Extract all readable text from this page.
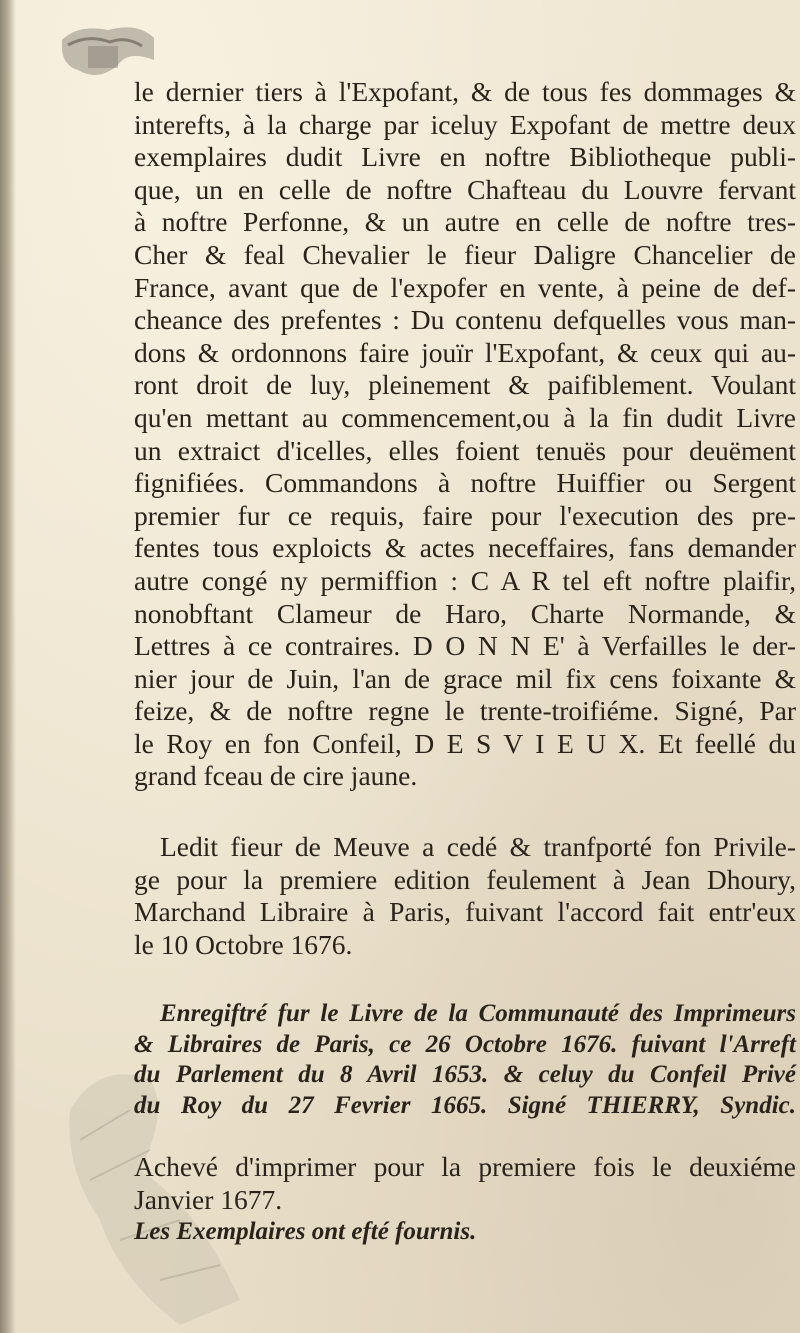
le dernier tiers à l'Expofant, & de tous fes dommages &
interefts, à la charge par iceluy Expofant de mettre deux
exemplaires dudit Livre en noftre Bibliotheque publi-
que, un en celle de noftre Chafteau du Louvre fervant
à noftre Perfonne, & un autre en celle de noftre tres-
Cher & feal Chevalier le fieur Daligre Chancelier de
France, avant que de l'expofer en vente, à peine de def-
cheance des prefentes : Du contenu defquelles vous man-
dons & ordonnons faire jouïr l'Expofant, & ceux qui au-
ront droit de luy, pleinement & paifiblement. Voulant
qu'en mettant au commencement,ou à la fin dudit Livre
un extraict d'icelles, elles foient tenuës pour deuëment
fignifiées. Commandons à noftre Huiffier ou Sergent
premier fur ce requis, faire pour l'execution des pre-
fentes tous exploicts & actes neceffaires, fans demander
autre congé ny permiffion : C A R tel eft noftre plaifir,
nonobftant Clameur de Haro, Charte Normande, &
Lettres à ce contraires. D O N N E' à Verfailles le der-
nier jour de Juin, l'an de grace mil fix cens foixante &
feize, & de noftre regne le trente-troifiéme. Signé, Par
le Roy en fon Confeil, D E S V I E U X. Et feellé du
grand fceau de cire jaune.
Ledit fieur de Meuve a cedé & tranfporté fon Privile-
ge pour la premiere edition feulement à Jean Dhoury,
Marchand Libraire à Paris, fuivant l'accord fait entr'eux
le 10 Octobre 1676.
Enregiftré fur le Livre de la Communauté des Imprimeurs
& Libraires de Paris, ce 26 Octobre 1676. fuivant l'Arreft
du Parlement du 8 Avril 1653. & celuy du Confeil Privé
du Roy du 27 Fevrier 1665. Signé THIERRY, Syndic.
Achevé d'imprimer pour la premiere fois le deuxiéme
Janvier 1677.
Les Exemplaires ont efté fournis.
